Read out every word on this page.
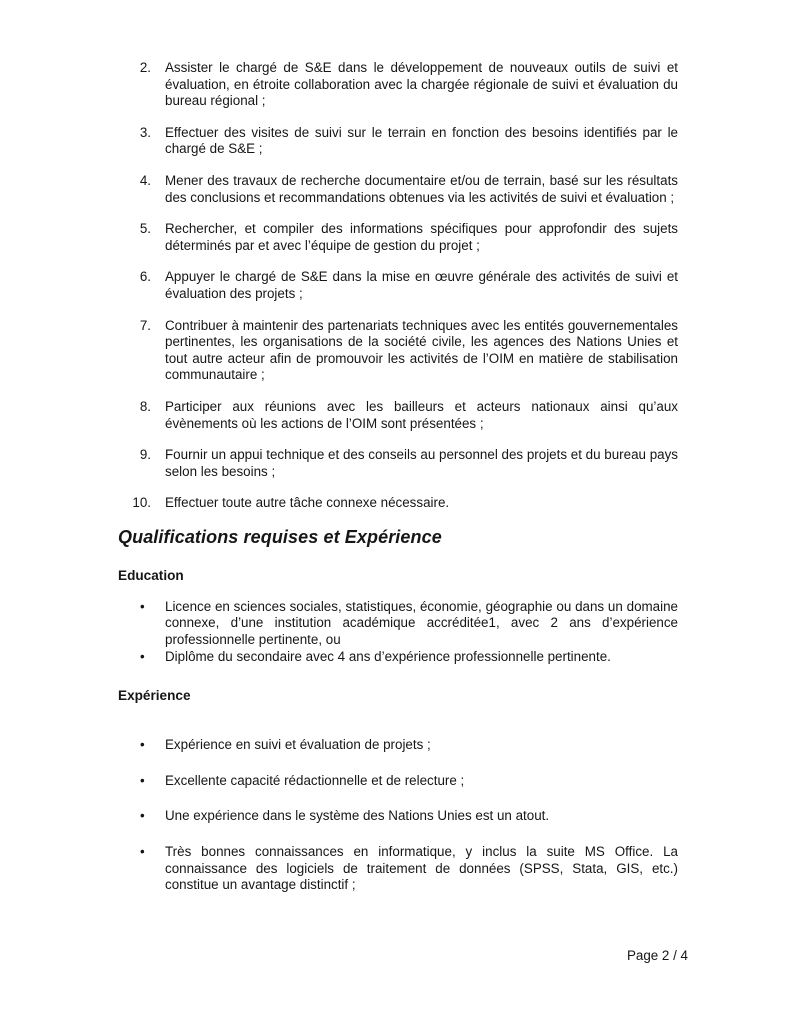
2. Assister le chargé de S&E dans le développement de nouveaux outils de suivi et évaluation, en étroite collaboration avec la chargée régionale de suivi et évaluation du bureau régional ;
3. Effectuer des visites de suivi sur le terrain en fonction des besoins identifiés par le chargé de S&E ;
4. Mener des travaux de recherche documentaire et/ou de terrain, basé sur les résultats des conclusions et recommandations obtenues via les activités de suivi et évaluation ;
5. Rechercher, et compiler des informations spécifiques pour approfondir des sujets déterminés par et avec l’équipe de gestion du projet ;
6. Appuyer le chargé de S&E dans la mise en œuvre générale des activités de suivi et évaluation des projets ;
7. Contribuer à maintenir des partenariats techniques avec les entités gouvernementales pertinentes, les organisations de la société civile, les agences des Nations Unies et tout autre acteur afin de promouvoir les activités de l’OIM en matière de stabilisation communautaire ;
8. Participer aux réunions avec les bailleurs et acteurs nationaux ainsi qu’aux évènements où les actions de l’OIM sont présentées ;
9. Fournir un appui technique et des conseils au personnel des projets et du bureau pays selon les besoins ;
10. Effectuer toute autre tâche connexe nécessaire.
Qualifications requises et Expérience
Education
• Licence en sciences sociales, statistiques, économie, géographie ou dans un domaine connexe, d’une institution académique accréditée1, avec 2 ans d’expérience professionnelle pertinente, ou
• Diplôme du secondaire avec 4 ans d’expérience professionnelle pertinente.
Expérience
• Expérience en suivi et évaluation de projets ;
• Excellente capacité rédactionnelle et de relecture ;
• Une expérience dans le système des Nations Unies est un atout.
• Très bonnes connaissances en informatique, y inclus la suite MS Office. La connaissance des logiciels de traitement de données (SPSS, Stata, GIS, etc.) constitue un avantage distinctif ;
Page 2 / 4
